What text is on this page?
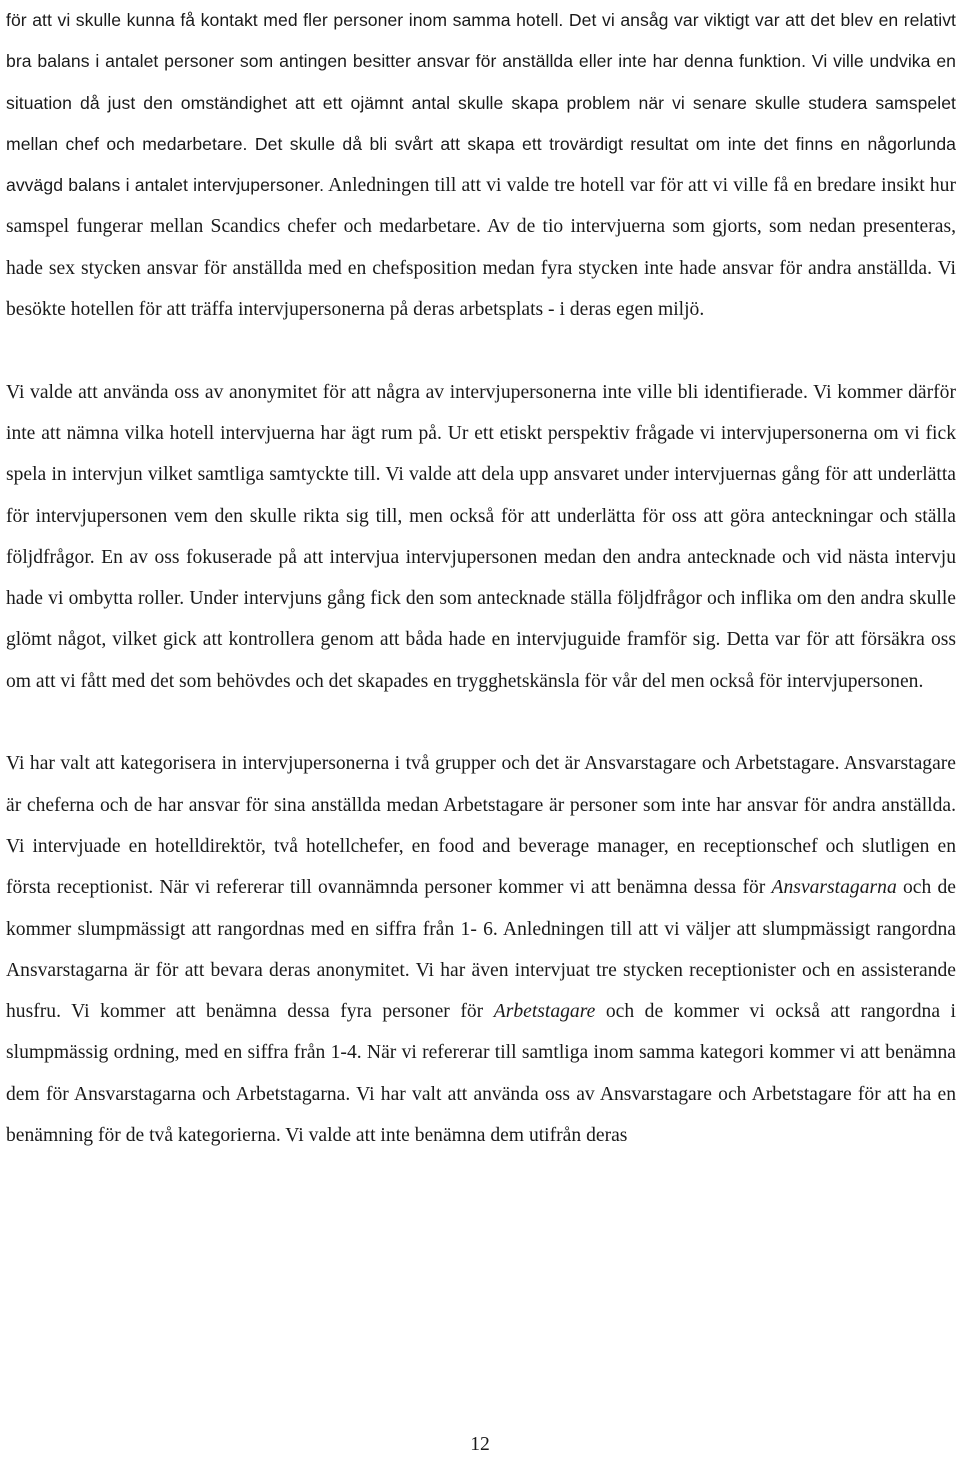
för att vi skulle kunna få kontakt med fler personer inom samma hotell. Det vi ansåg var viktigt var att det blev en relativt bra balans i antalet personer som antingen besitter ansvar för anställda eller inte har denna funktion. Vi ville undvika en situation då just den omständighet att ett ojämnt antal skulle skapa problem när vi senare skulle studera samspelet mellan chef och medarbetare. Det skulle då bli svårt att skapa ett trovärdigt resultat om inte det finns en någorlunda avvägd balans i antalet intervjupersoner. Anledningen till att vi valde tre hotell var för att vi ville få en bredare insikt hur samspel fungerar mellan Scandics chefer och medarbetare. Av de tio intervjuerna som gjorts, som nedan presenteras, hade sex stycken ansvar för anställda med en chefsposition medan fyra stycken inte hade ansvar för andra anställda. Vi besökte hotellen för att träffa intervjupersonerna på deras arbetsplats - i deras egen miljö.

Vi valde att använda oss av anonymitet för att några av intervjupersonerna inte ville bli identifierade. Vi kommer därför inte att nämna vilka hotell intervjuerna har ägt rum på. Ur ett etiskt perspektiv frågade vi intervjupersonerna om vi fick spela in intervjun vilket samtliga samtyckte till. Vi valde att dela upp ansvaret under intervjuernas gång för att underlätta för intervjupersonen vem den skulle rikta sig till, men också för att underlätta för oss att göra anteckningar och ställa följdfrågor. En av oss fokuserade på att intervjua intervjupersonen medan den andra antecknade och vid nästa intervju hade vi ombytta roller. Under intervjuns gång fick den som antecknade ställa följdfrågor och inflika om den andra skulle glömt något, vilket gick att kontrollera genom att båda hade en intervjuguide framför sig. Detta var för att försäkra oss om att vi fått med det som behövdes och det skapades en trygghetskänsla för vår del men också för intervjupersonen.

Vi har valt att kategorisera in intervjupersonerna i två grupper och det är Ansvarstagare och Arbetstagare. Ansvarstagare är cheferna och de har ansvar för sina anställda medan Arbetstagare är personer som inte har ansvar för andra anställda. Vi intervjuade en hotelldirektör, två hotellchefer, en food and beverage manager, en receptionschef och slutligen en första receptionist. När vi refererar till ovannämnda personer kommer vi att benämna dessa för Ansvarstagarna och de kommer slumpmässigt att rangordnas med en siffra från 1- 6. Anledningen till att vi väljer att slumpmässigt rangordna Ansvarstagarna är för att bevara deras anonymitet. Vi har även intervjuat tre stycken receptionister och en assisterande husfru. Vi kommer att benämna dessa fyra personer för Arbetstagare och de kommer vi också att rangordna i slumpmässig ordning, med en siffra från 1-4. När vi refererar till samtliga inom samma kategori kommer vi att benämna dem för Ansvarstagarna och Arbetstagarna. Vi har valt att använda oss av Ansvarstagare och Arbetstagare för att ha en benämning för de två kategorierna. Vi valde att inte benämna dem utifrån deras

12
